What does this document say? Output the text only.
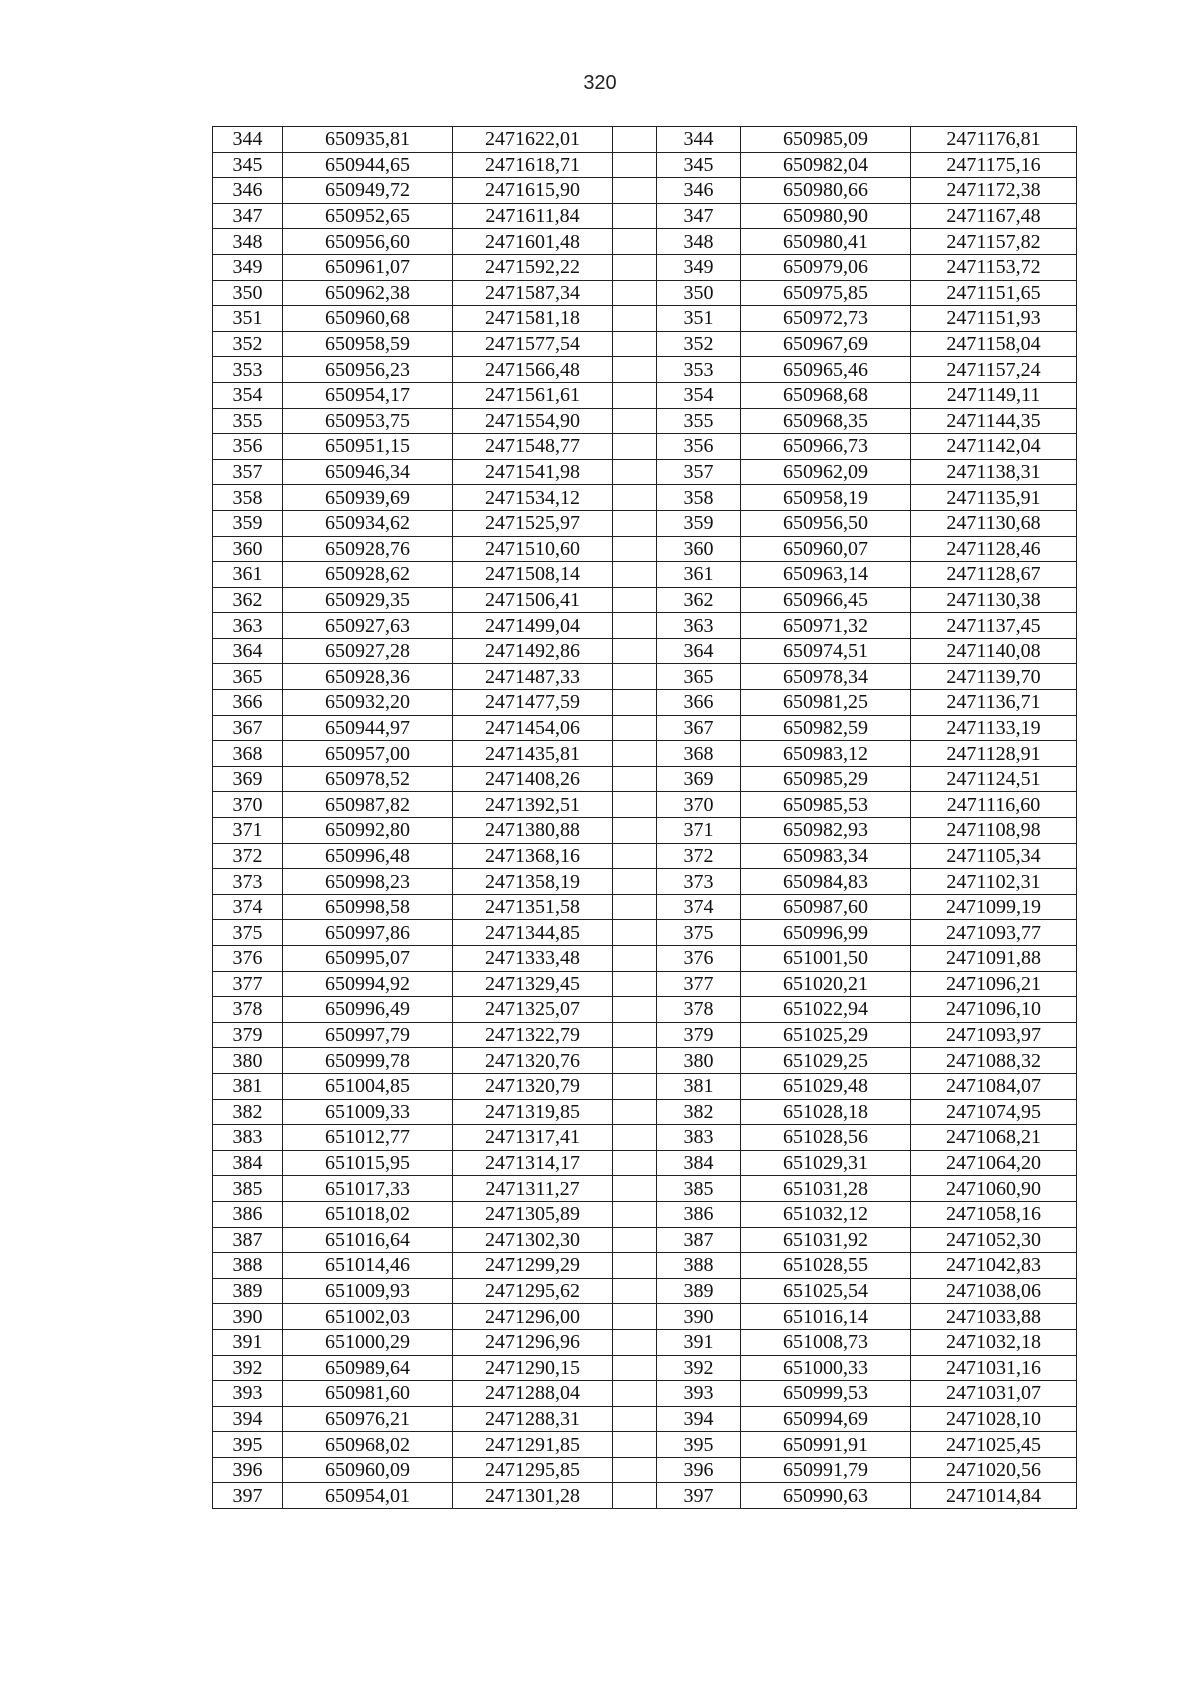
320
344	650935,81	2471622,01		344	650985,09	2471176,81
345	650944,65	2471618,71		345	650982,04	2471175,16
346	650949,72	2471615,90		346	650980,66	2471172,38
347	650952,65	2471611,84		347	650980,90	2471167,48
348	650956,60	2471601,48		348	650980,41	2471157,82
349	650961,07	2471592,22		349	650979,06	2471153,72
350	650962,38	2471587,34		350	650975,85	2471151,65
351	650960,68	2471581,18		351	650972,73	2471151,93
352	650958,59	2471577,54		352	650967,69	2471158,04
353	650956,23	2471566,48		353	650965,46	2471157,24
354	650954,17	2471561,61		354	650968,68	2471149,11
355	650953,75	2471554,90		355	650968,35	2471144,35
356	650951,15	2471548,77		356	650966,73	2471142,04
357	650946,34	2471541,98		357	650962,09	2471138,31
358	650939,69	2471534,12		358	650958,19	2471135,91
359	650934,62	2471525,97		359	650956,50	2471130,68
360	650928,76	2471510,60		360	650960,07	2471128,46
361	650928,62	2471508,14		361	650963,14	2471128,67
362	650929,35	2471506,41		362	650966,45	2471130,38
363	650927,63	2471499,04		363	650971,32	2471137,45
364	650927,28	2471492,86		364	650974,51	2471140,08
365	650928,36	2471487,33		365	650978,34	2471139,70
366	650932,20	2471477,59		366	650981,25	2471136,71
367	650944,97	2471454,06		367	650982,59	2471133,19
368	650957,00	2471435,81		368	650983,12	2471128,91
369	650978,52	2471408,26		369	650985,29	2471124,51
370	650987,82	2471392,51		370	650985,53	2471116,60
371	650992,80	2471380,88		371	650982,93	2471108,98
372	650996,48	2471368,16		372	650983,34	2471105,34
373	650998,23	2471358,19		373	650984,83	2471102,31
374	650998,58	2471351,58		374	650987,60	2471099,19
375	650997,86	2471344,85		375	650996,99	2471093,77
376	650995,07	2471333,48		376	651001,50	2471091,88
377	650994,92	2471329,45		377	651020,21	2471096,21
378	650996,49	2471325,07		378	651022,94	2471096,10
379	650997,79	2471322,79		379	651025,29	2471093,97
380	650999,78	2471320,76		380	651029,25	2471088,32
381	651004,85	2471320,79		381	651029,48	2471084,07
382	651009,33	2471319,85		382	651028,18	2471074,95
383	651012,77	2471317,41		383	651028,56	2471068,21
384	651015,95	2471314,17		384	651029,31	2471064,20
385	651017,33	2471311,27		385	651031,28	2471060,90
386	651018,02	2471305,89		386	651032,12	2471058,16
387	651016,64	2471302,30		387	651031,92	2471052,30
388	651014,46	2471299,29		388	651028,55	2471042,83
389	651009,93	2471295,62		389	651025,54	2471038,06
390	651002,03	2471296,00		390	651016,14	2471033,88
391	651000,29	2471296,96		391	651008,73	2471032,18
392	650989,64	2471290,15		392	651000,33	2471031,16
393	650981,60	2471288,04		393	650999,53	2471031,07
394	650976,21	2471288,31		394	650994,69	2471028,10
395	650968,02	2471291,85		395	650991,91	2471025,45
396	650960,09	2471295,85		396	650991,79	2471020,56
397	650954,01	2471301,28		397	650990,63	2471014,84
